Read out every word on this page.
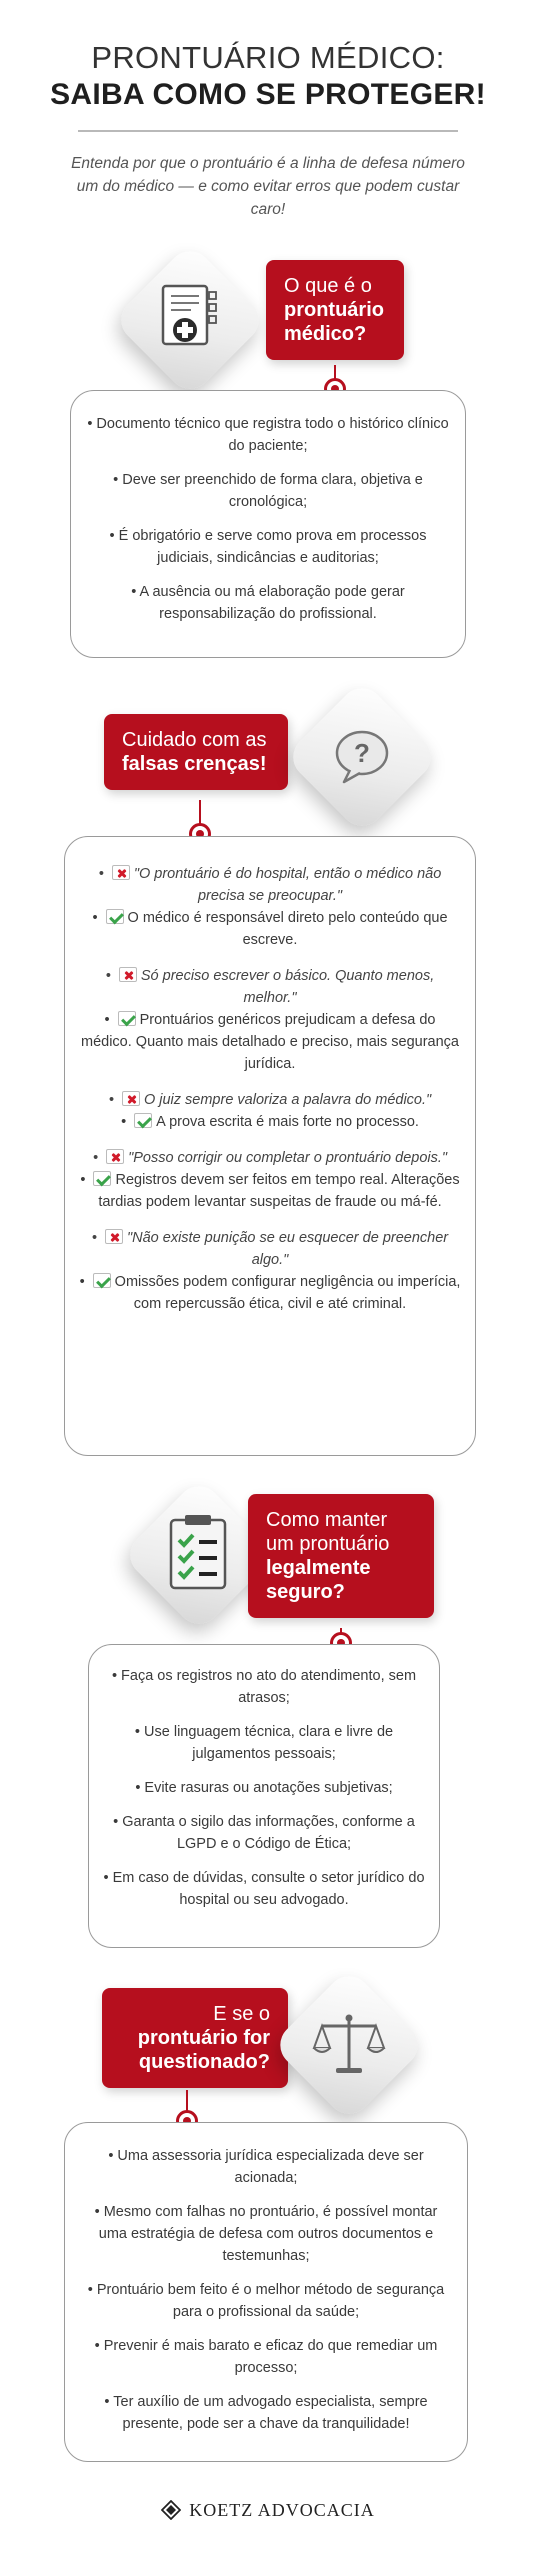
PRONTUÁRIO MÉDICO:
SAIBA COMO SE PROTEGER!
Entenda por que o prontuário é a linha de defesa número um do médico — e como evitar erros que podem custar caro!
O que é o
prontuário
médico?

• Documento técnico que registra todo o histórico clínico do paciente;

• Deve ser preenchido de forma clara, objetiva e cronológica;

• É obrigatório e serve como prova em processos judiciais, sindicâncias e auditorias;

• A ausência ou má elaboração pode gerar responsabilização do profissional.

Cuidado com as
falsas crenças!	?
• "O prontuário é do hospital, então o médico não precisa se preocupar."
• O médico é responsável direto pelo conteúdo que escreve.
• Só preciso escrever o básico. Quanto menos, melhor."
• Prontuários genéricos prejudicam a defesa do médico. Quanto mais detalhado e preciso, mais segurança jurídica.
• O juiz sempre valoriza a palavra do médico."
• A prova escrita é mais forte no processo.
• "Posso corrigir ou completar o prontuário depois."
• Registros devem ser feitos em tempo real. Alterações tardias podem levantar suspeitas de fraude ou má-fé.
• "Não existe punição se eu esquecer de preencher algo."
• Omissões podem configurar negligência ou imperícia, com repercussão ética, civil e até criminal.
Como manter
um prontuário
legalmente
seguro?

• Faça os registros no ato do atendimento, sem atrasos;

• Use linguagem técnica, clara e livre de julgamentos pessoais;

• Evite rasuras ou anotações subjetivas;

• Garanta o sigilo das informações, conforme a LGPD e o Código de Ética;

• Em caso de dúvidas, consulte o setor jurídico do hospital ou seu advogado.

E se o
prontuário for
questionado?

• Uma assessoria jurídica especializada deve ser acionada;

• Mesmo com falhas no prontuário, é possível montar uma estratégia de defesa com outros documentos e testemunhas;

• Prontuário bem feito é o melhor método de segurança para o profissional da saúde;

• Prevenir é mais barato e eficaz do que remediar um processo;

• Ter auxílio de um advogado especialista, sempre presente, pode ser a chave da tranquilidade!

KOETZ ADVOCACIA
